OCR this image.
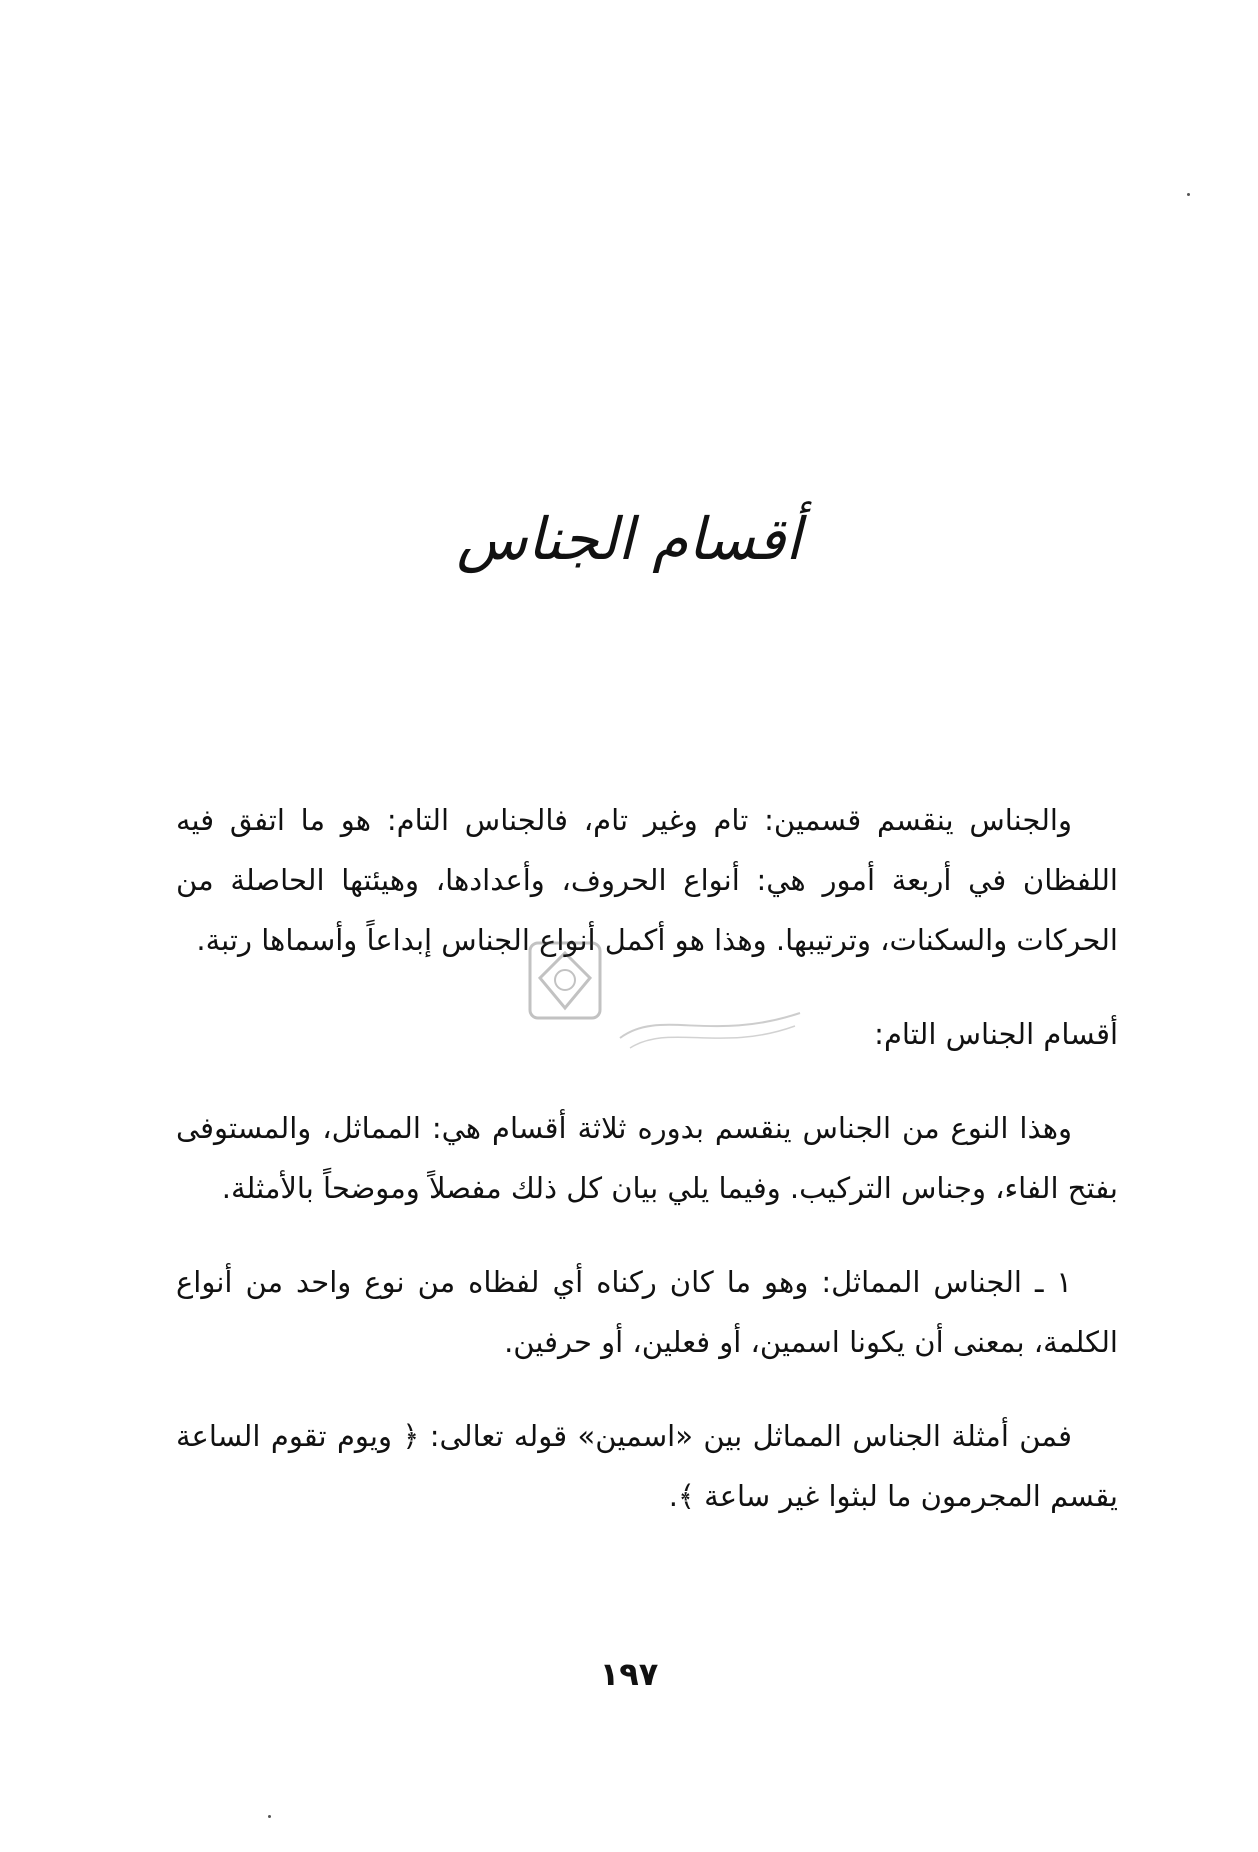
أقسام الجناس

والجناس ينقسم قسمين: تام وغير تام، فالجناس التام: هو ما اتفق فيه اللفظان في أربعة أمور هي: أنواع الحروف، وأعدادها، وهيئتها الحاصلة من الحركات والسكنات، وترتيبها. وهذا هو أكمل أنواع الجناس إبداعاً وأسماها رتبة.

أقسام الجناس التام:

وهذا النوع من الجناس ينقسم بدوره ثلاثة أقسام هي: المماثل، والمستوفى بفتح الفاء، وجناس التركيب. وفيما يلي بيان كل ذلك مفصلاً وموضحاً بالأمثلة.

١ ـ الجناس المماثل: وهو ما كان ركناه أي لفظاه من نوع واحد من أنواع الكلمة، بمعنى أن يكونا اسمين، أو فعلين، أو حرفين.

فمن أمثلة الجناس المماثل بين «اسمين» قوله تعالى: ﴿ ويوم تقوم الساعة يقسم المجرمون ما لبثوا غير ساعة ﴾.

١٩٧
